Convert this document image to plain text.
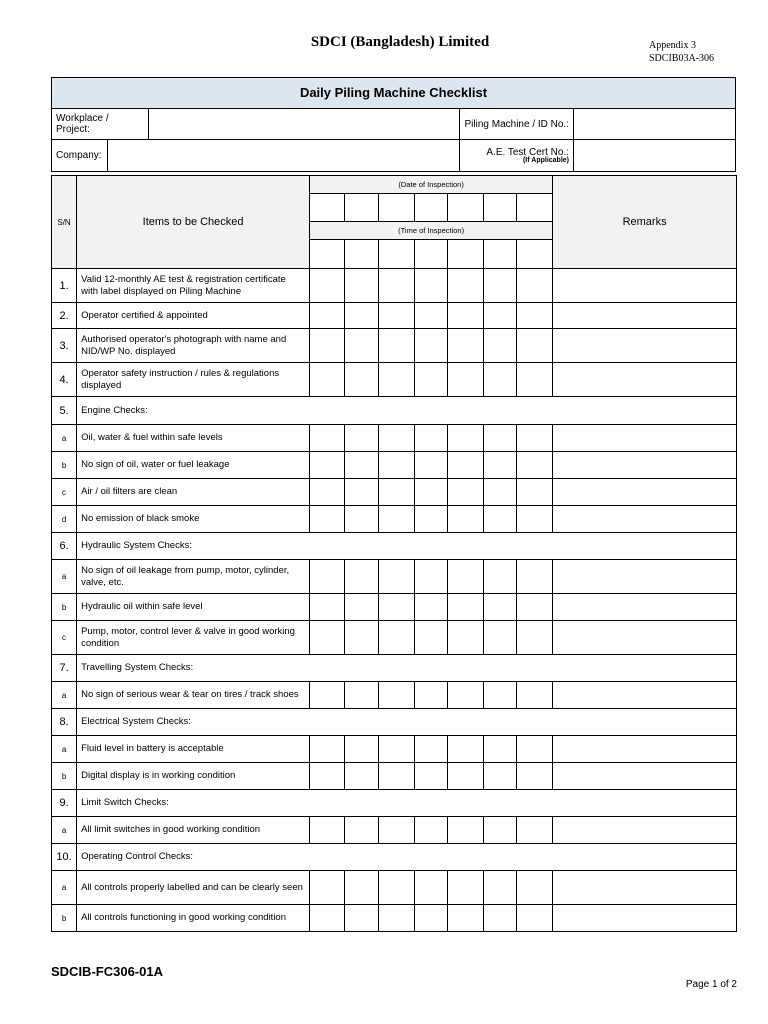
SDCI (Bangladesh) Limited	Appendix 3
SDCIB03A-306
Daily Piling Machine Checklist
Workplace / Project:		Piling Machine / ID No.:	
Company:		A.E. Test Cert No.:
(If Applicable)

S/N	Items to be Checked	(Date of Inspection)							Remarks

		(Time of Inspection)							

1.	Valid 12-monthly AE test & registration certificate with label displayed on Piling Machine								
2.	Operator certified & appointed								
3.	Authorised operator's photograph with name and NID/WP No. displayed								
4.	Operator safety instruction / rules & regulations displayed								
5.	Engine Checks:								
a	Oil, water & fuel within safe levels								
b	No sign of oil, water or fuel leakage								
c	Air / oil filters are clean								
d	No emission of black smoke								
6.	Hydraulic System Checks:								
a	No sign of oil leakage from pump, motor, cylinder, valve, etc.								
b	Hydraulic oil within safe level								
c	Pump, motor, control lever & valve in good working condition								
7.	Travelling System Checks:								
a	No sign of serious wear & tear on tires / track shoes								
8.	Electrical System Checks:								
a	Fluid level in battery is acceptable								
b	Digital display is in working condition								
9.	Limit Switch Checks:								
a	All limit switches in good working condition								
10.	Operating Control Checks:								
a	All controls properly labelled and can be clearly seen								
b	All controls functioning in good working condition								
SDCIB-FC306-01A
Page 1 of 2
